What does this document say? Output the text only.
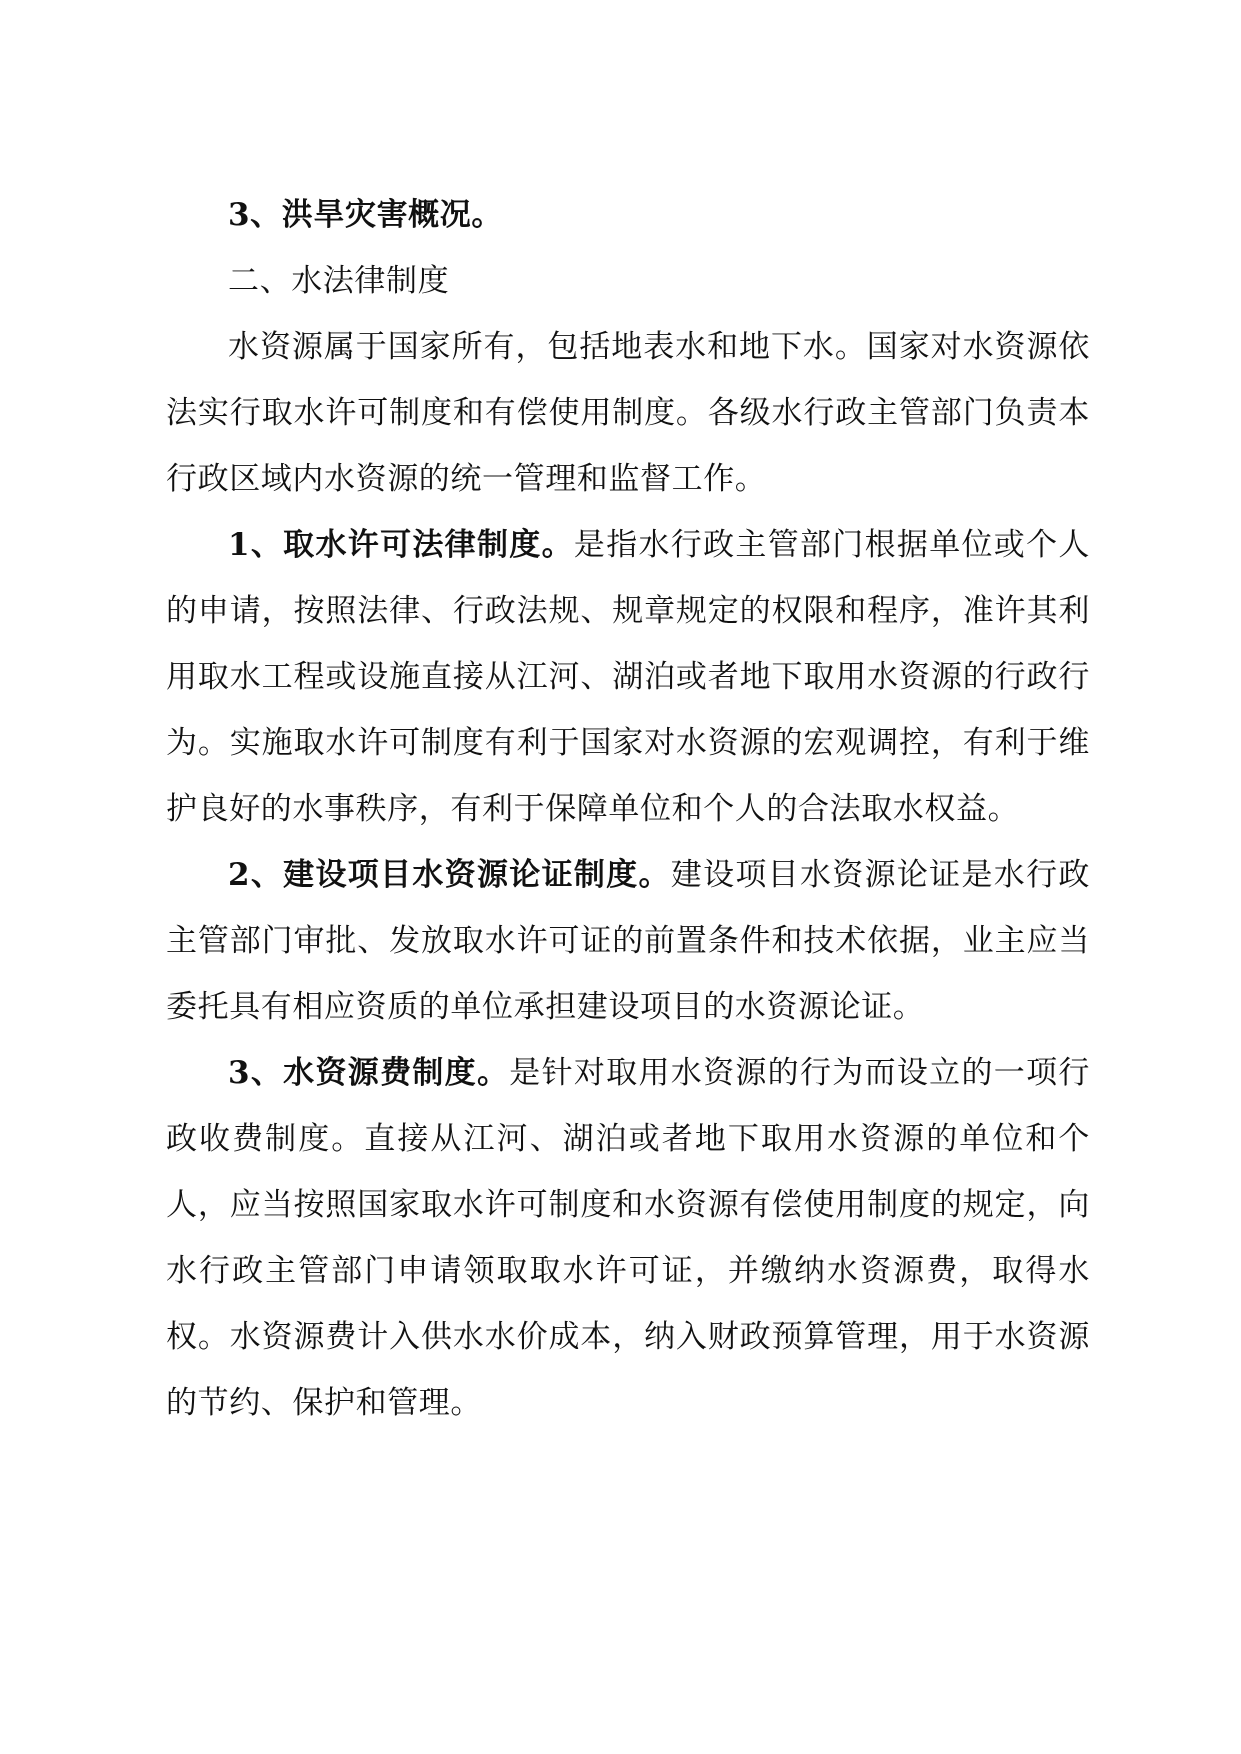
3、洪旱灾害概况。

二、水法律制度

水资源属于国家所有，包括地表水和地下水。国家对水资源依法实行取水许可制度和有偿使用制度。各级水行政主管部门负责本行政区域内水资源的统一管理和监督工作。

1、取水许可法律制度。是指水行政主管部门根据单位或个人的申请，按照法律、行政法规、规章规定的权限和程序，准许其利用取水工程或设施直接从江河、湖泊或者地下取用水资源的行政行为。实施取水许可制度有利于国家对水资源的宏观调控，有利于维护良好的水事秩序，有利于保障单位和个人的合法取水权益。

2、建设项目水资源论证制度。建设项目水资源论证是水行政主管部门审批、发放取水许可证的前置条件和技术依据，业主应当委托具有相应资质的单位承担建设项目的水资源论证。

3、水资源费制度。是针对取用水资源的行为而设立的一项行政收费制度。直接从江河、湖泊或者地下取用水资源的单位和个人，应当按照国家取水许可制度和水资源有偿使用制度的规定，向水行政主管部门申请领取取水许可证，并缴纳水资源费，取得水权。水资源费计入供水水价成本，纳入财政预算管理，用于水资源的节约、保护和管理。
